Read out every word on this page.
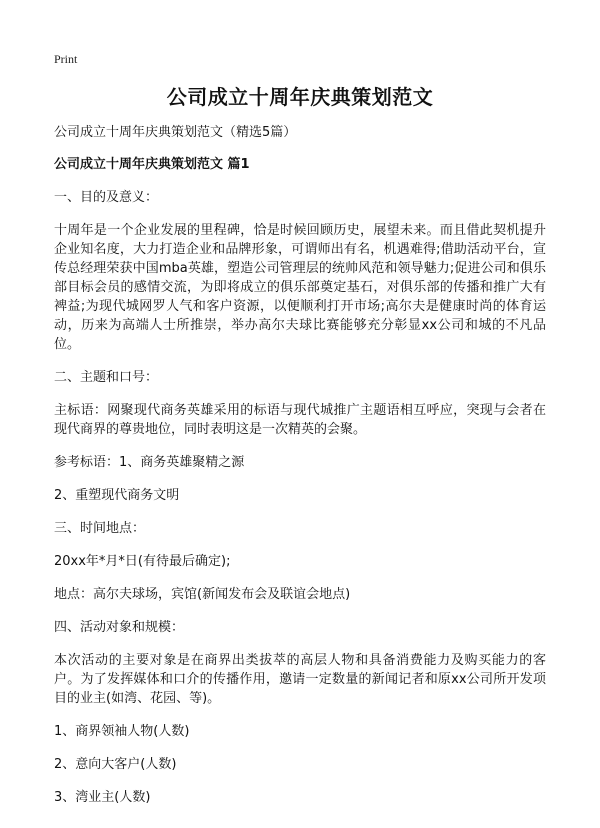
Print
公司成立十周年庆典策划范文
公司成立十周年庆典策划范文（精选5篇）
公司成立十周年庆典策划范文 篇1

一、目的及意义：

十周年是一个企业发展的里程碑，恰是时候回顾历史，展望未来。而且借此契机提升企业知名度，大力打造企业和品牌形象，可谓师出有名，机遇难得;借助活动平台，宣传总经理荣获中国mba英雄，塑造公司管理层的统帅风范和领导魅力;促进公司和俱乐部目标会员的感情交流，为即将成立的俱乐部奠定基石，对俱乐部的传播和推广大有裨益;为现代城网罗人气和客户资源，以便顺利打开市场;高尔夫是健康时尚的体育运动，历来为高端人士所推崇，举办高尔夫球比赛能够充分彰显xx公司和城的不凡品位。

二、主题和口号：

主标语：网聚现代商务英雄采用的标语与现代城推广主题语相互呼应，突现与会者在现代商界的尊贵地位，同时表明这是一次精英的会聚。

参考标语：1、商务英雄聚精之源

2、重塑现代商务文明

三、时间地点：

20xx年*月*日(有待最后确定);

地点：高尔夫球场，宾馆(新闻发布会及联谊会地点)

四、活动对象和规模：

本次活动的主要对象是在商界出类拔萃的高层人物和具备消费能力及购买能力的客户。为了发挥媒体和口介的传播作用，邀请一定数量的新闻记者和原xx公司所开发项目的业主(如湾、花园、等)。

1、商界领袖人物(人数)

2、意向大客户(人数)

3、湾业主(人数)
